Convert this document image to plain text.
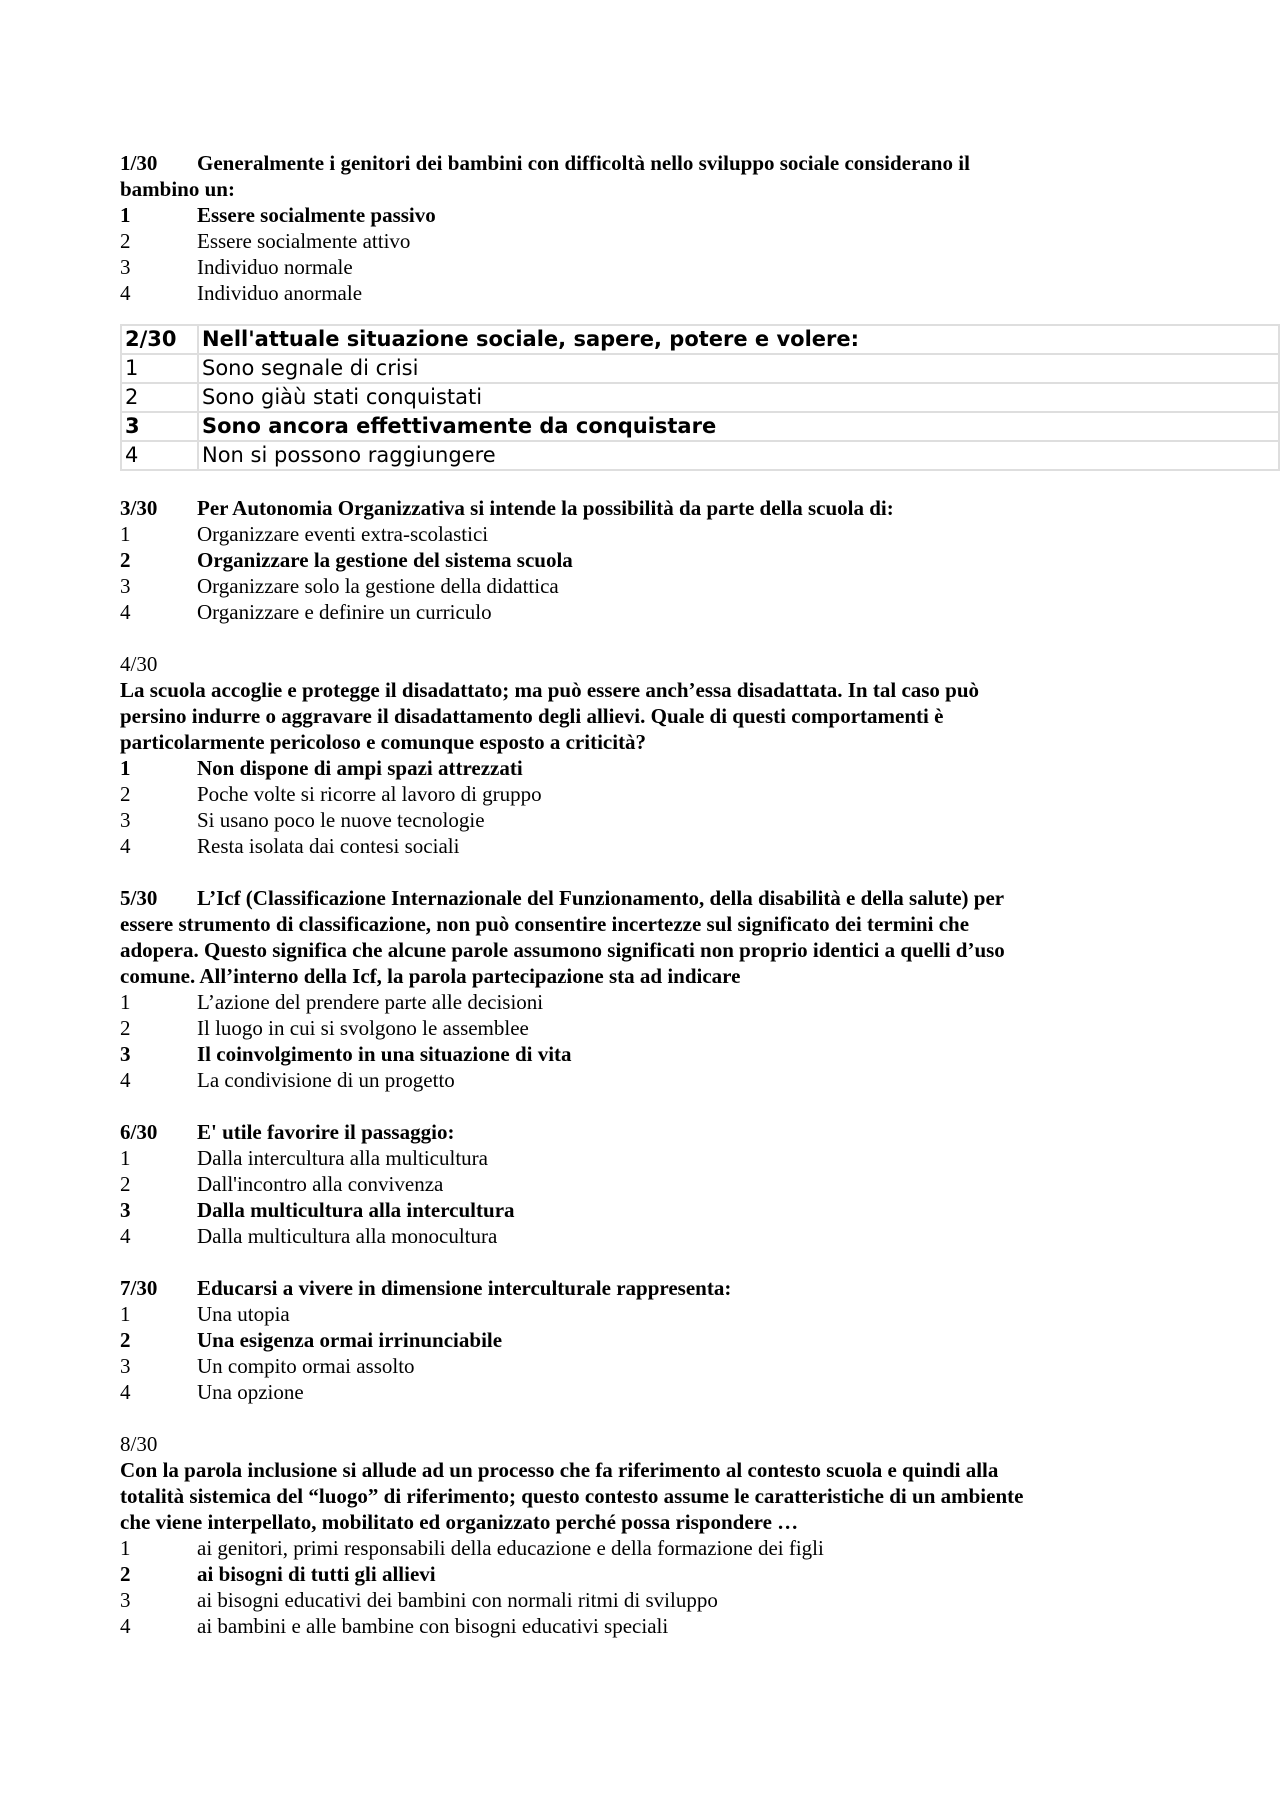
1/30	Generalmente i genitori dei bambini con difficoltà nello sviluppo sociale considerano il
bambino un:
1	Essere socialmente passivo
2	Essere socialmente attivo
3	Individuo normale
4	Individuo anormale
2/30	Nell'attuale situazione sociale, sapere, potere e volere:
1	Sono segnale di crisi
2	Sono giàù stati conquistati
3	Sono ancora effettivamente da conquistare
4	Non si possono raggiungere
3/30	Per Autonomia Organizzativa si intende la possibilità da parte della scuola di:
1	Organizzare eventi extra-scolastici
2	Organizzare la gestione del sistema scuola
3	Organizzare solo la gestione della didattica
4	Organizzare e definire un curriculo
4/30
La scuola accoglie e protegge il disadattato; ma può essere anch’essa disadattata. In tal caso può
persino indurre o aggravare il disadattamento degli allievi. Quale di questi comportamenti è
particolarmente pericoloso e comunque esposto a criticità?
1	Non dispone di ampi spazi attrezzati
2	Poche volte si ricorre al lavoro di gruppo
3	Si usano poco le nuove tecnologie
4	Resta isolata dai contesi sociali
5/30	L’Icf (Classificazione Internazionale del Funzionamento, della disabilità e della salute) per
essere strumento di classificazione, non può consentire incertezze sul significato dei termini che
adopera. Questo significa che alcune parole assumono significati non proprio identici a quelli d’uso
comune. All’interno della Icf, la parola partecipazione sta ad indicare
1	L’azione del prendere parte alle decisioni
2	Il luogo in cui si svolgono le assemblee
3	Il coinvolgimento in una situazione di vita
4	La condivisione di un progetto
6/30	E' utile favorire il passaggio:
1	Dalla intercultura alla multicultura
2	Dall'incontro alla convivenza
3	Dalla multicultura alla intercultura
4	Dalla multicultura alla monocultura
7/30	Educarsi a vivere in dimensione interculturale rappresenta:
1	Una utopia
2	Una esigenza ormai irrinunciabile
3	Un compito ormai assolto
4	Una opzione
8/30
Con la parola inclusione si allude ad un processo che fa riferimento al contesto scuola e quindi alla
totalità sistemica del “luogo” di riferimento; questo contesto assume le caratteristiche di un ambiente
che viene interpellato, mobilitato ed organizzato perché possa rispondere …
1	ai genitori, primi responsabili della educazione e della formazione dei figli
2	ai bisogni di tutti gli allievi
3	ai bisogni educativi dei bambini con normali ritmi di sviluppo
4	ai bambini e alle bambine con bisogni educativi speciali
